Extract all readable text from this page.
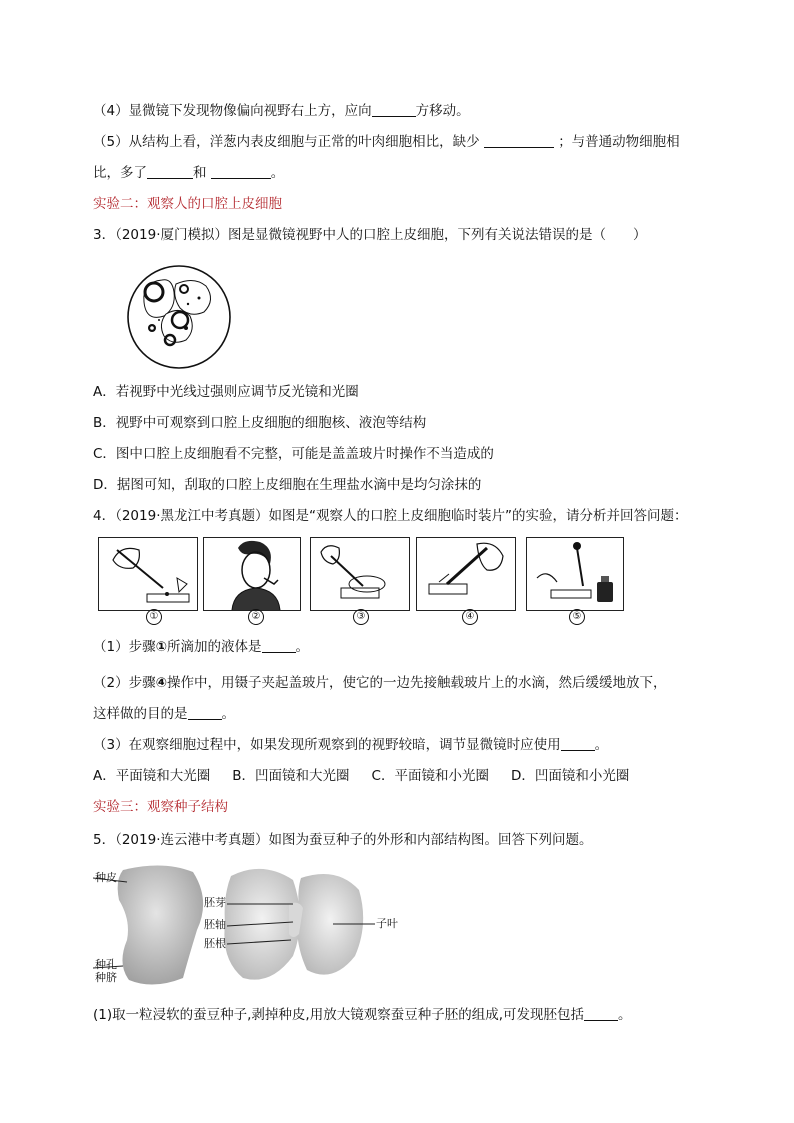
（4）显微镜下发现物像偏向视野右上方，应向	方移动。
（5）从结构上看，洋葱内表皮细胞与正常的叶肉细胞相比，缺少	；与普通动物细胞相
比，多了	和	。
实验二：观察人的口腔上皮细胞
3．（2019·厦门模拟）图是显微镜视野中人的口腔上皮细胞，下列有关说法错误的是（　　）
A．若视野中光线过强则应调节反光镜和光圈
B．视野中可观察到口腔上皮细胞的细胞核、液泡等结构
C．图中口腔上皮细胞看不完整，可能是盖盖玻片时操作不当造成的
D．据图可知，刮取的口腔上皮细胞在生理盐水滴中是均匀涂抹的
4．（2019·黑龙江中考真题）如图是“观察人的口腔上皮细胞临时装片”的实验，请分析并回答问题：
①	②	③	④	⑤
（1）步骤①所滴加的液体是	。
（2）步骤④操作中，用镊子夹起盖玻片，使它的一边先接触载玻片上的水滴，然后缓缓地放下，
这样做的目的是	。
（3）在观察细胞过程中，如果发现所观察到的视野较暗，调节显微镜时应使用	。
A．平面镜和大光圈 B．凹面镜和大光圈 C．平面镜和小光圈 D．凹面镜和小光圈
实验三：观察种子结构
5．（2019·连云港中考真题）如图为蚕豆种子的外形和内部结构图。回答下列问题。
种皮
胚芽
胚轴
胚根
子叶
种孔
种脐
(1)取一粒浸软的蚕豆种子,剥掉种皮,用放大镜观察蚕豆种子胚的组成,可发现胚包括	。
